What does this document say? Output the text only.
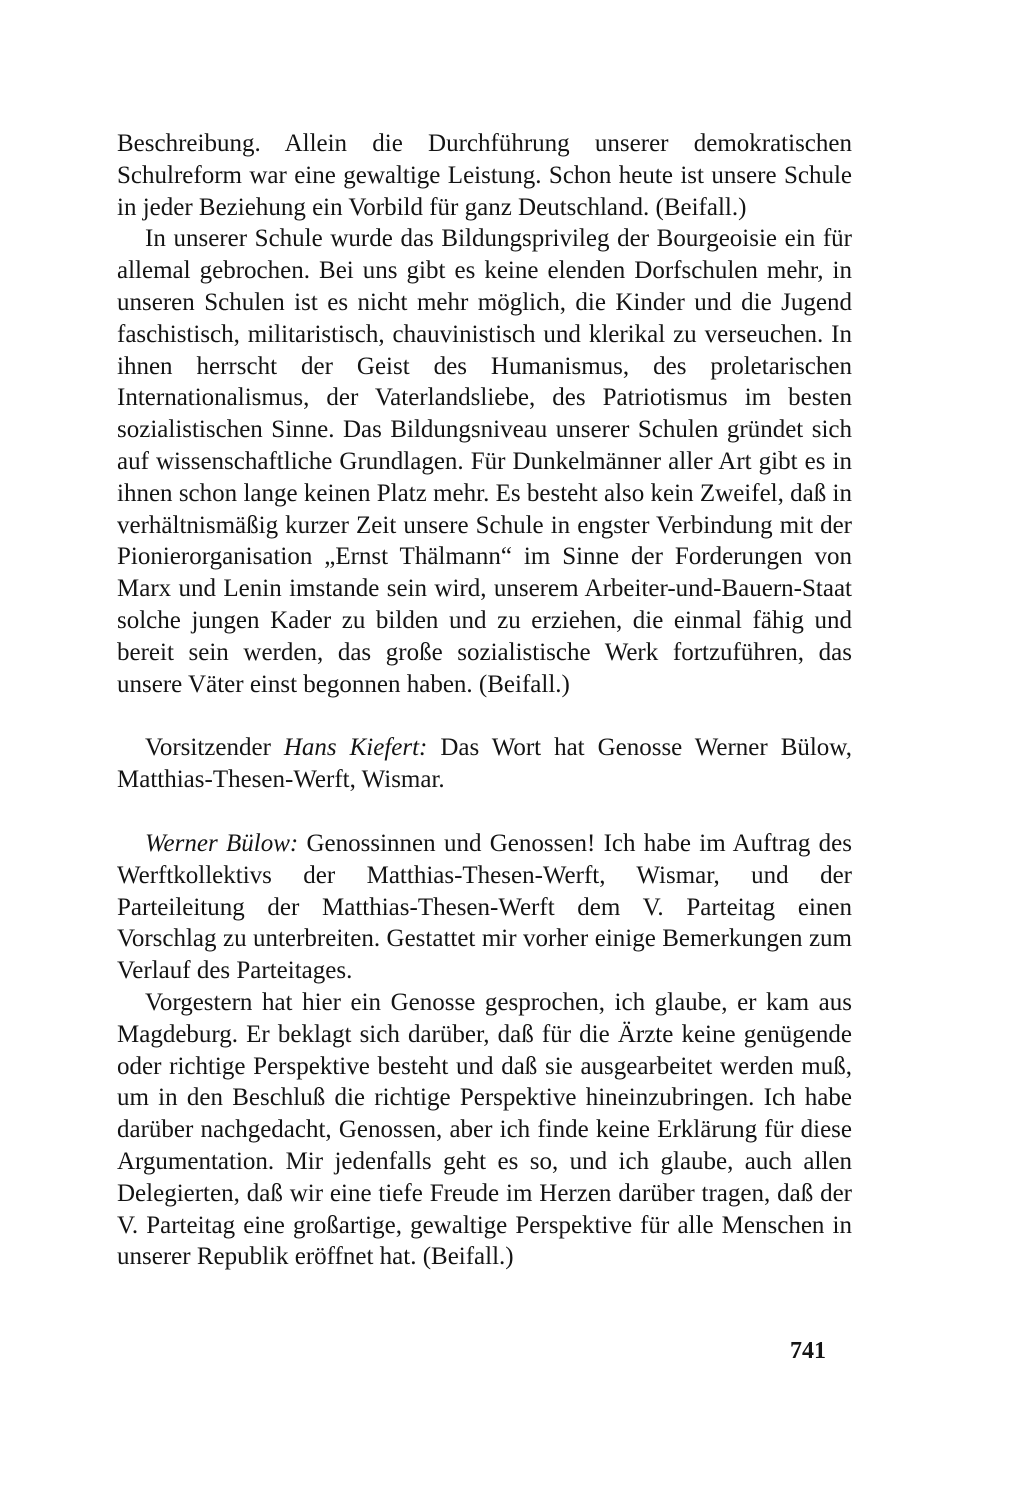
Beschreibung. Allein die Durchführung unserer demokratischen Schulreform war eine gewaltige Leistung. Schon heute ist unsere Schule in jeder Beziehung ein Vorbild für ganz Deutschland. (Beifall.)

In unserer Schule wurde das Bildungsprivileg der Bourgeoisie ein für allemal gebrochen. Bei uns gibt es keine elenden Dorfschulen mehr, in unseren Schulen ist es nicht mehr möglich, die Kinder und die Jugend faschistisch, militaristisch, chauvinistisch und klerikal zu verseuchen. In ihnen herrscht der Geist des Humanismus, des proletarischen Internationalismus, der Vaterlandsliebe, des Patriotismus im besten sozialistischen Sinne. Das Bildungsniveau unserer Schulen gründet sich auf wissenschaftliche Grundlagen. Für Dunkelmänner aller Art gibt es in ihnen schon lange keinen Platz mehr. Es besteht also kein Zweifel, daß in verhältnismäßig kurzer Zeit unsere Schule in engster Verbindung mit der Pionierorganisation „Ernst Thälmann“ im Sinne der Forderungen von Marx und Lenin imstande sein wird, unserem Arbeiter-und-Bauern-Staat solche jungen Kader zu bilden und zu erziehen, die einmal fähig und bereit sein werden, das große sozialistische Werk fortzuführen, das unsere Väter einst begonnen haben. (Beifall.)

Vorsitzender Hans Kiefert: Das Wort hat Genosse Werner Bülow, Matthias-Thesen-Werft, Wismar.

Werner Bülow: Genossinnen und Genossen! Ich habe im Auftrag des Werftkollektivs der Matthias-Thesen-Werft, Wismar, und der Parteileitung der Matthias-Thesen-Werft dem V. Parteitag einen Vorschlag zu unterbreiten. Gestattet mir vorher einige Bemerkungen zum Verlauf des Parteitages.

Vorgestern hat hier ein Genosse gesprochen, ich glaube, er kam aus Magdeburg. Er beklagt sich darüber, daß für die Ärzte keine genügende oder richtige Perspektive besteht und daß sie ausgearbeitet werden muß, um in den Beschluß die richtige Perspektive hineinzubringen. Ich habe darüber nachgedacht, Genossen, aber ich finde keine Erklärung für diese Argumentation. Mir jedenfalls geht es so, und ich glaube, auch allen Delegierten, daß wir eine tiefe Freude im Herzen darüber tragen, daß der V. Parteitag eine großartige, gewaltige Perspektive für alle Menschen in unserer Republik eröffnet hat. (Beifall.)

741
